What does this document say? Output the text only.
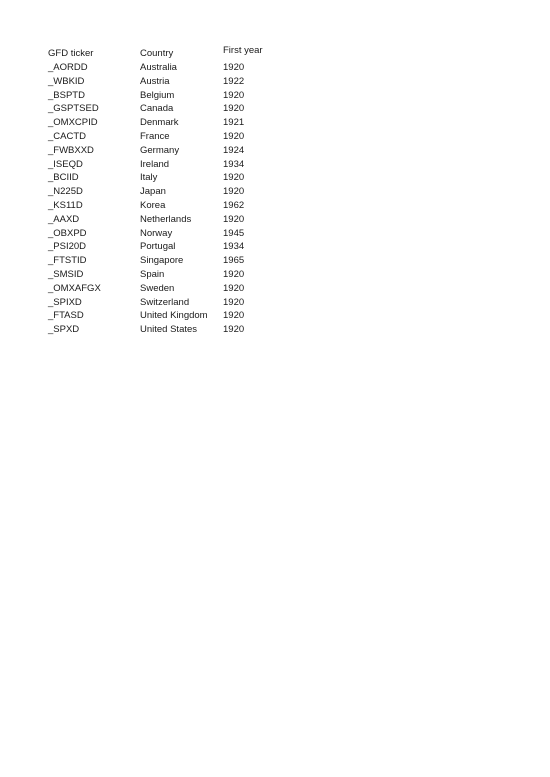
GFD ticker	Country	First year
_AORDD	Australia	1920
_WBKID	Austria	1922
_BSPTD	Belgium	1920
_GSPTSED	Canada	1920
_OMXCPID	Denmark	1921
_CACTD	France	1920
_FWBXXD	Germany	1924
_ISEQD	Ireland	1934
_BCIID	Italy	1920
_N225D	Japan	1920
_KS11D	Korea	1962
_AAXD	Netherlands	1920
_OBXPD	Norway	1945
_PSI20D	Portugal	1934
_FTSTID	Singapore	1965
_SMSID	Spain	1920
_OMXAFGX	Sweden	1920
_SPIXD	Switzerland	1920
_FTASD	United Kingdom	1920
_SPXD	United States	1920
